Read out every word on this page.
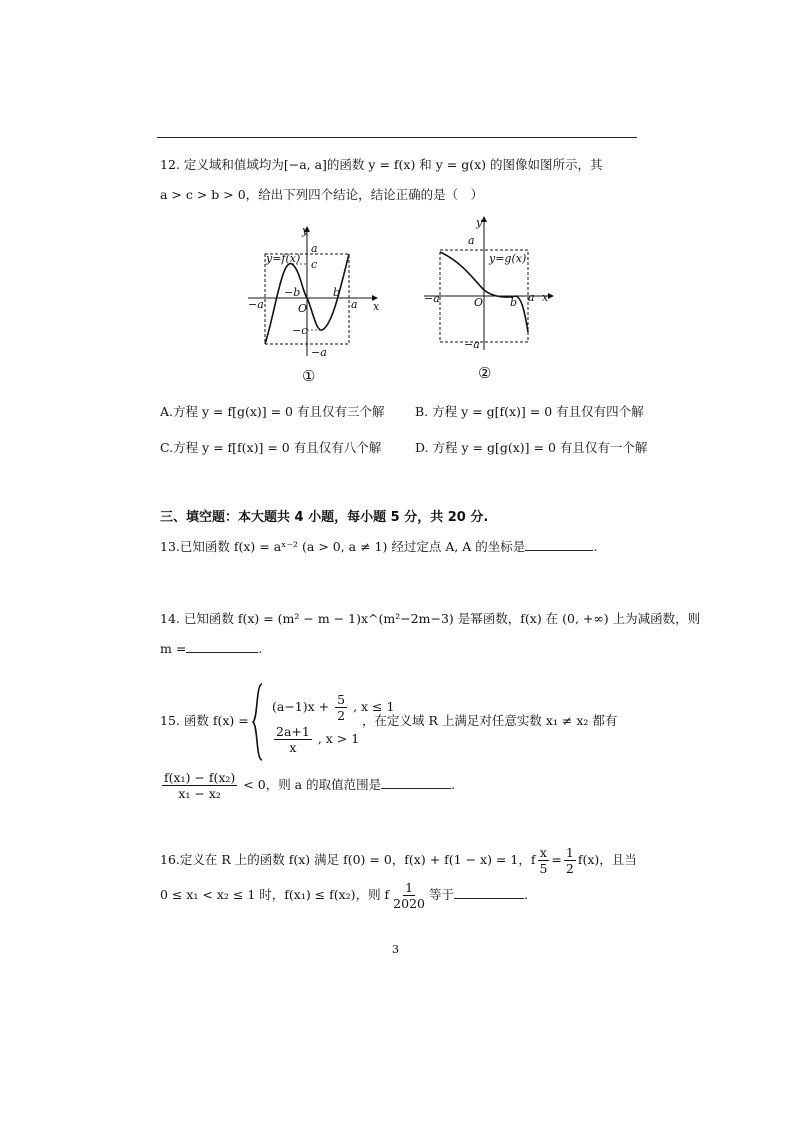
12. 定义域和值域均为[−a, a]的函数 y = f(x) 和 y = g(x) 的图像如图所示，其
a > c > b > 0，给出下列四个结论，结论正确的是（　）
y
x
a
c
y=f(x)
−a
−b
O
b
a
−c
−a
①
y
x
a
y=g(x)
−a	O b a
−a
②
A.方程 y = f[g(x)] = 0 有且仅有三个解 B. 方程 y = g[f(x)] = 0 有且仅有四个解
C.方程 y = f[f(x)] = 0 有且仅有八个解	D. 方程 y = g[g(x)] = 0 有且仅有一个解
三、填空题：本大题共 4 小题，每小题 5 分，共 20 分.
13.已知函数 f(x) = aˣ⁻² (a > 0, a ≠ 1) 经过定点 A, A 的坐标是	.
14. 已知函数 f(x) = (m² − m − 1)x^(m²−2m−3) 是幂函数，f(x) 在 (0, +∞) 上为减函数，则
m =	.
15. 函数 f(x) =
$(a-1)x + \frac{5}{2}$ , x ≤ 1
$\frac{2a+1}{x}$ , x > 1
，在定义域 R 上满足对任意实数 x₁ ≠ x₂ 都有
$\frac{\text{f(x₁) − f(x₂)}}{\text{x₁ − x₂}} < 0$，则 a 的取值范围是	.
16.定义在 R 上的函数 f(x) 满足 f(0) = 0，f(x) + f(1 − x) = 1，f $\frac{x}{5} = \frac{1}{2} f(x)$，且当
0 ≤ x₁ < x₂ ≤ 1 时，f(x₁) ≤ f(x₂)，则 f $\frac{1}{2020}$ 等于	.
3
